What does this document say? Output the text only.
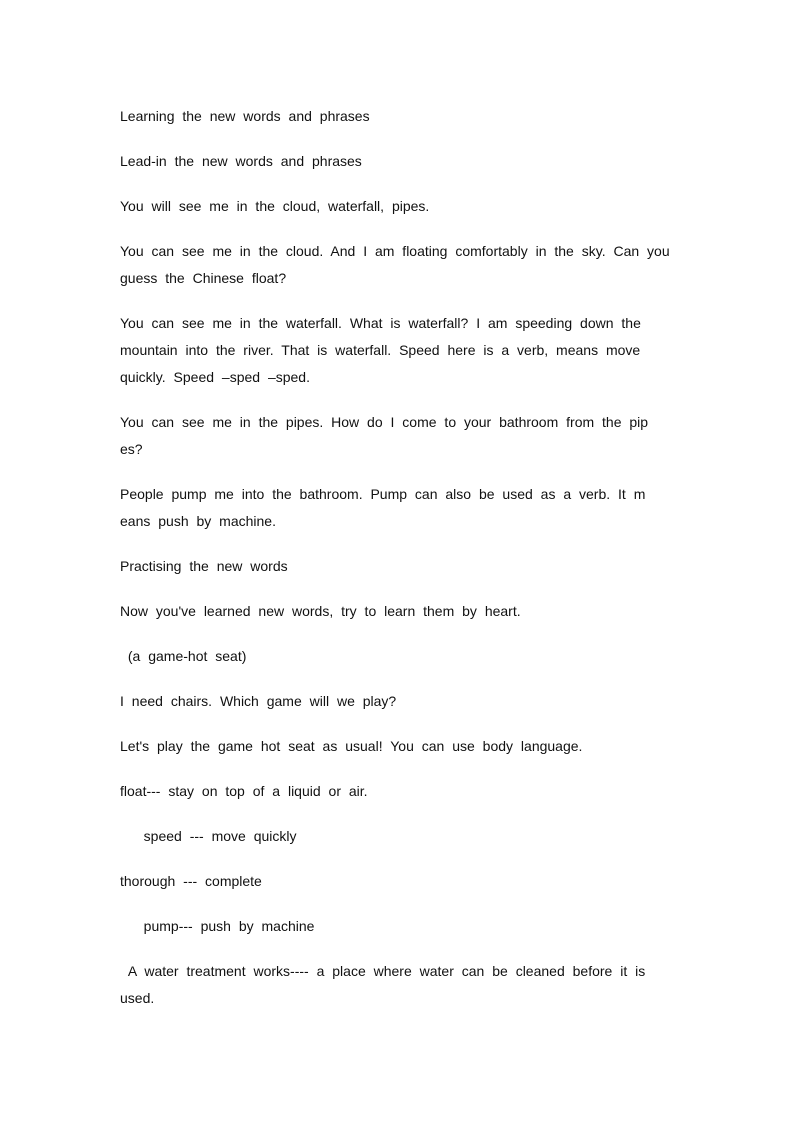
Learning the new words and phrases

Lead-in the new words and phrases

You will see me in the cloud, waterfall, pipes.

You can see me in the cloud. And I am floating comfortably in the sky. Can you guess the Chinese float?

You can see me in the waterfall. What is waterfall? I am speeding down the mountain into the river. That is waterfall. Speed here is a verb, means move quickly. Speed –sped –sped.

You can see me in the pipes. How do I come to your bathroom from the pip es?

People pump me into the bathroom. Pump can also be used as a verb. It m eans push by machine.

Practising the new words

Now you've learned new words, try to learn them by heart.

(a game-hot seat)

I need chairs. Which game will we play?

Let's play the game hot seat as usual! You can use body language.

float--- stay on top of a liquid or air.

speed --- move quickly

thorough --- complete

pump--- push by machine

A water treatment works---- a place where water can be cleaned before it is used.
